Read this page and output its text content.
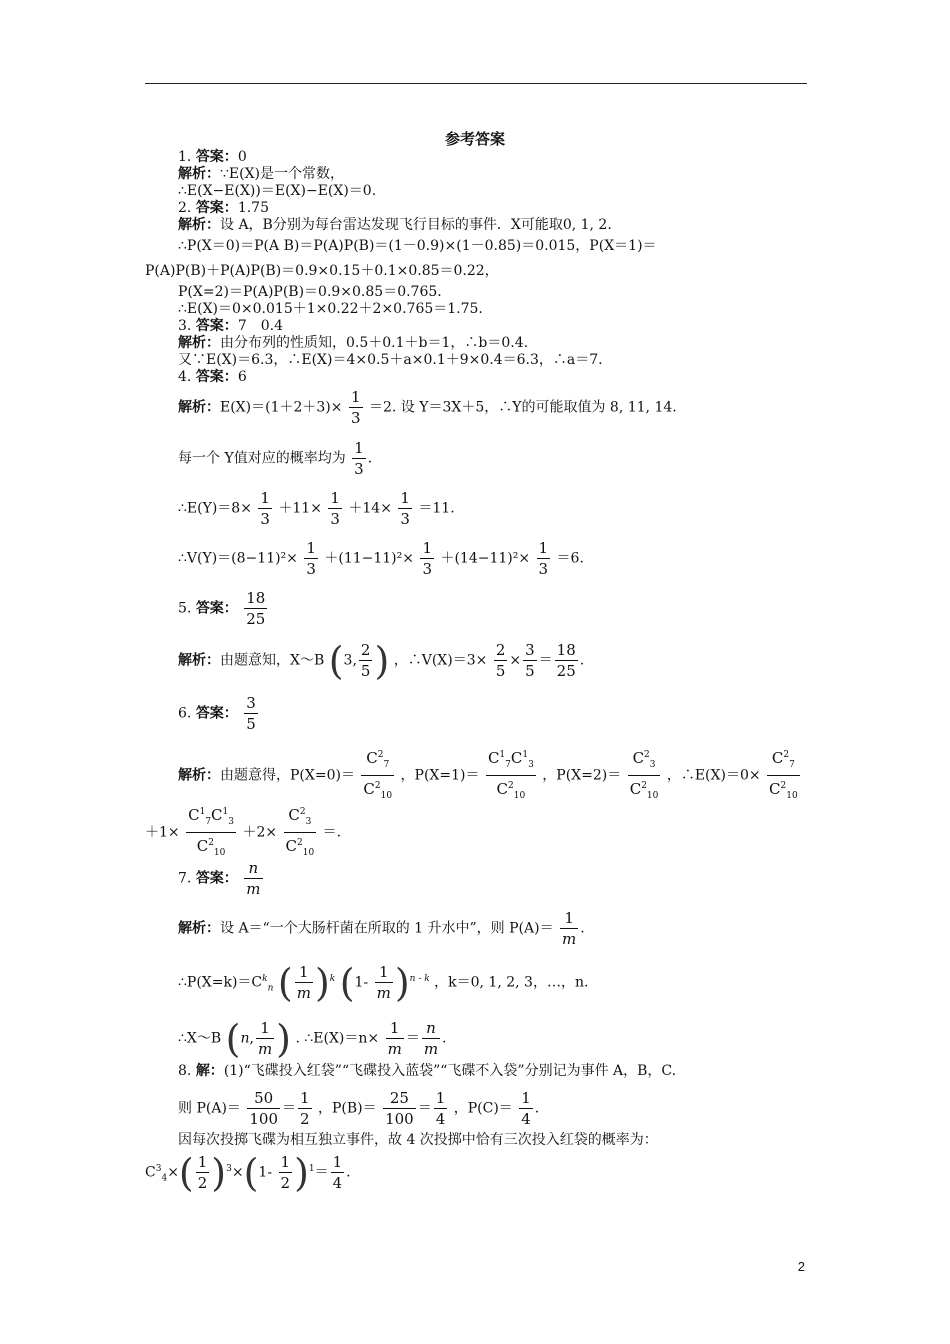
参考答案
1. 答案：0
解析：∵E(X)是一个常数，
∴E(X−E(X))＝E(X)−E(X)＝0.
2. 答案：1.75
解析：设 A，B分别为每台雷达发现飞行目标的事件．X可能取0, 1, 2.
∴P(X＝0)＝P(A B)＝P(A)P(B)＝(1－0.9)×(1－0.85)＝0.015，P(X＝1)＝
P(A)P(B)＋P(A)P(B)＝0.9×0.15＋0.1×0.85＝0.22，
P(X=2)＝P(A)P(B)＝0.9×0.85＝0.765.
∴E(X)＝0×0.015＋1×0.22＋2×0.765＝1.75.
3. 答案：7　0.4
解析：由分布列的性质知，0.5＋0.1＋b＝1，∴b＝0.4.
又∵E(X)＝6.3，∴E(X)＝4×0.5＋a×0.1＋9×0.4＝6.3，∴a＝7.
4. 答案：6
解析：$E(X)=(1+2+3)\times \frac{1}{3} =2$. 设 Y＝3X＋5，∴Y的可能取值为 8, 11, 14.
每一个 Y值对应的概率均为 $\frac{1}{3}$ .
∴E(Y)＝8× $\frac{1}{3} +11\times \frac{1}{3} +14\times \frac{1}{3} =11$.
∴V(Y)＝(8−11)²× $\frac{1}{3} +(11-11)^2\times \frac{1}{3} +(14-11)^2\times \frac{1}{3} =6$.
5. 答案： $\frac{18}{25}$
解析：由题意知，X～B (3, $\frac{2}{5}$ ) ，∴V(X)＝3× $\frac{2}{5} \times \frac{3}{5} = \frac{18}{25}$ .
6. 答案： $\frac{3}{5}$
解析：由题意得，$P(X=0)= \frac{C^2_7}{C^2_{10}}$ ，$P(X=1)= \frac{C^1_7C^1_3}{C^2_{10}}$ ，$P(X=2)= \frac{C^2_3}{C^2_{10}}$ ，∴E(X)＝0× $\frac{C^2_7}{C^2_{10}}$
$+1\times \frac{C^1_7C^1_3}{C^2_{10}} +2\times \frac{C^2_3}{C^2_{10}}$ ＝.
7. 答案： $\frac{n}{m}$
解析：设 A＝“一个大肠杆菌在所取的 1 升水中”，则 $P(A)= \frac{1}{m}$ .
$\therefore P(X=k)=C^k_n$ ( $\frac{1}{m} )^k$ $(1- \frac{1}{m} )^{n - k}$ ，k＝0, 1, 2, 3，…，n.
∴X～B (n, $\frac{1}{m}$ ) . ∴E(X)＝n× $\frac{1}{m} = \frac{n}{m}$ .
8. 解：(1)“飞碟投入红袋”“飞碟投入蓝袋”“飞碟不入袋”分别记为事件 A，B，C.
则 $P(A)= \frac{50}{100} = \frac{1}{2}$ ，$P(B)= \frac{25}{100} = \frac{1}{4}$ ，$P(C)= \frac{1}{4}$ .
因每次投掷飞碟为相互独立事件，故 4 次投掷中恰有三次投入红袋的概率为：
$C^3_4\times( \frac{1}{2} )^3\times(1- \frac{1}{2} )^1= \frac{1}{4}$ .
2
